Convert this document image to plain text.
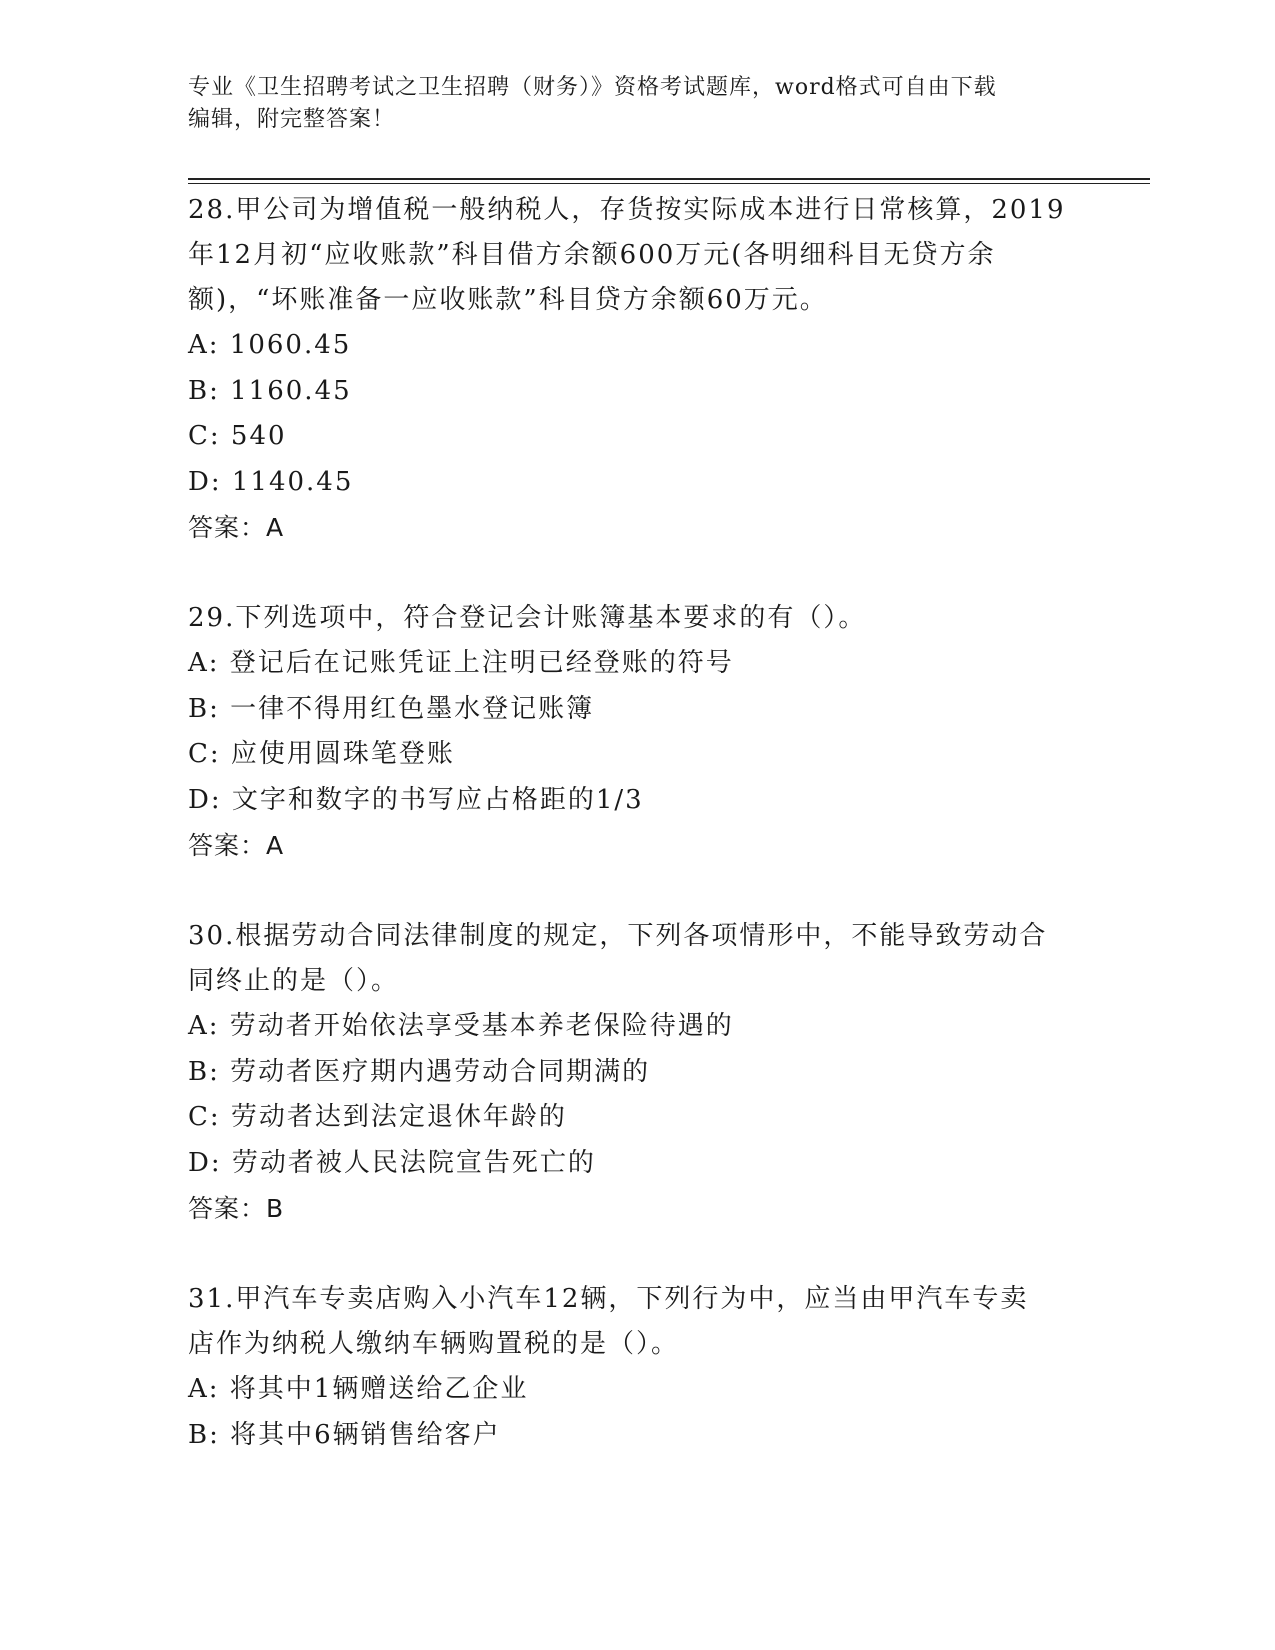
专业《卫生招聘考试之卫生招聘（财务）》资格考试题库，word格式可自由下载
编辑，附完整答案！
28.甲公司为增值税一般纳税人，存货按实际成本进行日常核算，2019
年12月初“应收账款”科目借方余额600万元(各明细科目无贷方余
额)，“坏账准备一应收账款”科目贷方余额60万元。
A: 1060.45
B: 1160.45
C: 540
D: 1140.45
答案：A
29.下列选项中，符合登记会计账簿基本要求的有（）。
A: 登记后在记账凭证上注明已经登账的符号
B: 一律不得用红色墨水登记账簿
C: 应使用圆珠笔登账
D: 文字和数字的书写应占格距的1/3
答案：A
30.根据劳动合同法律制度的规定，下列各项情形中，不能导致劳动合
同终止的是（）。
A: 劳动者开始依法享受基本养老保险待遇的
B: 劳动者医疗期内遇劳动合同期满的
C: 劳动者达到法定退休年龄的
D: 劳动者被人民法院宣告死亡的
答案：B
31.甲汽车专卖店购入小汽车12辆，下列行为中，应当由甲汽车专卖
店作为纳税人缴纳车辆购置税的是（）。
A: 将其中1辆赠送给乙企业
B: 将其中6辆销售给客户
